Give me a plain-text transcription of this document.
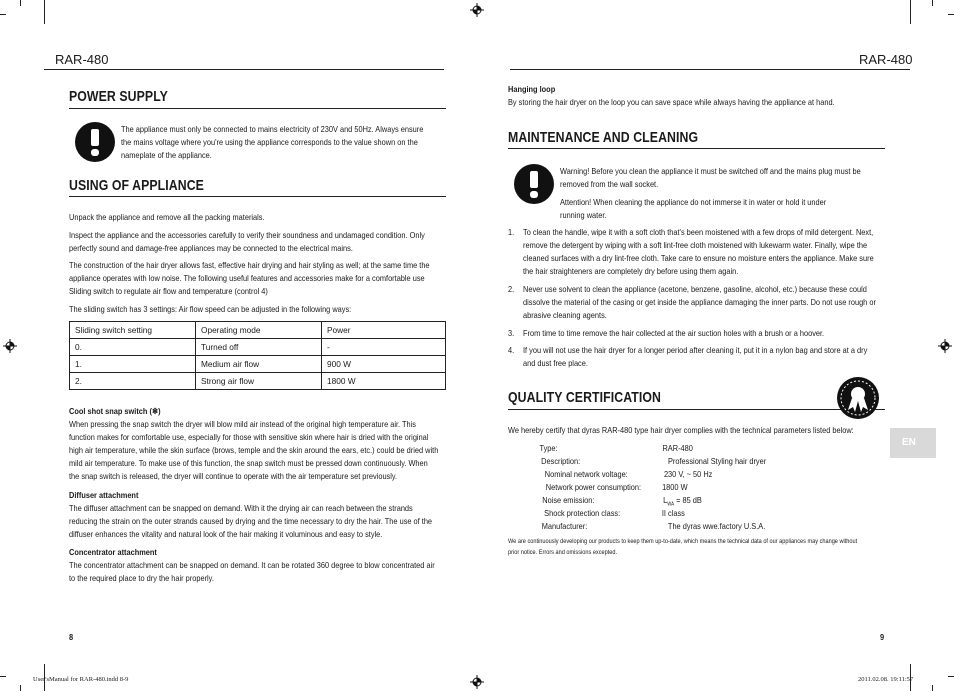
RAR-480	RAR-480
POWER SUPPLY
The appliance must only be connected to mains electricity of 230V and 50Hz. Always ensure
the mains voltage where you're using the appliance corresponds to the value shown on the
nameplate of the appliance.
USING OF APPLIANCE
Unpack the appliance and remove all the packing materials.
Inspect the appliance and the accessories carefully to verify their soundness and undamaged condition. Only
perfectly sound and damage-free appliances may be connected to the electrical mains.
The construction of the hair dryer allows fast, effective hair drying and hair styling as well; at the same time the
appliance operates with low noise. The following useful features and accessories make for a comfortable use
Sliding switch to regulate air flow and temperature (control 4)
The sliding switch has 3 settings: Air flow speed can be adjusted in the following ways:
Sliding switch setting	Operating mode	Power
0.	Turned off	-
1.	Medium air flow	900 W
2.	Strong air flow	1800 W
Cool shot snap switch (❄)
When pressing the snap switch the dryer will blow mild air instead of the original high temperature air. This
function makes for comfortable use, especially for those with sensitive skin where hair is dried with the original
high air temperature, while the skin surface (brows, temple and the skin around the ears, etc.) could be dried with
mild air temperature. To make use of this function, the snap switch must be pressed down continuously. When
the snap switch is released, the dryer will continue to operate with the air temperature set previously.
Diffuser attachment
The diffuser attachment can be snapped on demand. With it the drying air can reach between the strands
reducing the strain on the outer strands caused by drying and the time necessary to dry the hair. The use of the
diffuser enhances the vitality and natural look of the hair making it voluminous and easy to style.
Concentrator attachment
The concentrator attachment can be snapped on demand. It can be rotated 360 degree to blow concentrated air
to the required place to dry the hair properly.
8
Hanging loop
By storing the hair dryer on the loop you can save space while always having the appliance at hand.
MAINTENANCE AND CLEANING
Warning! Before you clean the appliance it must be switched off and the mains plug must be
removed from the wall socket.
Attention! When cleaning the appliance do not immerse it in water or hold it under
running water.
1. To clean the handle, wipe it with a soft cloth that's been moistened with a few drops of mild detergent. Next,
remove the detergent by wiping with a soft lint-free cloth moistened with lukewarm water. Finally, wipe the
cleaned surfaces with a dry lint-free cloth. Take care to ensure no moisture enters the appliance. Make sure
the hair straighteners are completely dry before using them again.
2. Never use solvent to clean the appliance (acetone, benzene, gasoline, alcohol, etc.) because these could
dissolve the material of the casing or get inside the appliance damaging the inner parts. Do not use rough or
abrasive cleaning agents.
3. From time to time remove the hair collected at the air suction holes with a brush or a hoover.
4. If you will not use the hair dryer for a longer period after cleaning it, put it in a nylon bag and store at a dry
and dust free place.
QUALITY CERTIFICATION
We hereby certify that dyras RAR-480 type hair dryer complies with the technical parameters listed below:
Type:	RAR-480
Description:	Professional Styling hair dryer
Nominal network voltage:	230 V, ~ 50 Hz
Network power consumption: 1800 W
Noise emission:	$L_{WA} = 85$ dB
Shock protection class:	II class
Manufacturer:	The dyras wwe.factory U.S.A.
We are continuously developing our products to keep them up-to-date, which means the technical data of our appliances may change without
prior notice. Errors and omissions excepted.
EN
9
User'sManual for RAR-480.indd 8-9	2011.02.08. 19:11:57
